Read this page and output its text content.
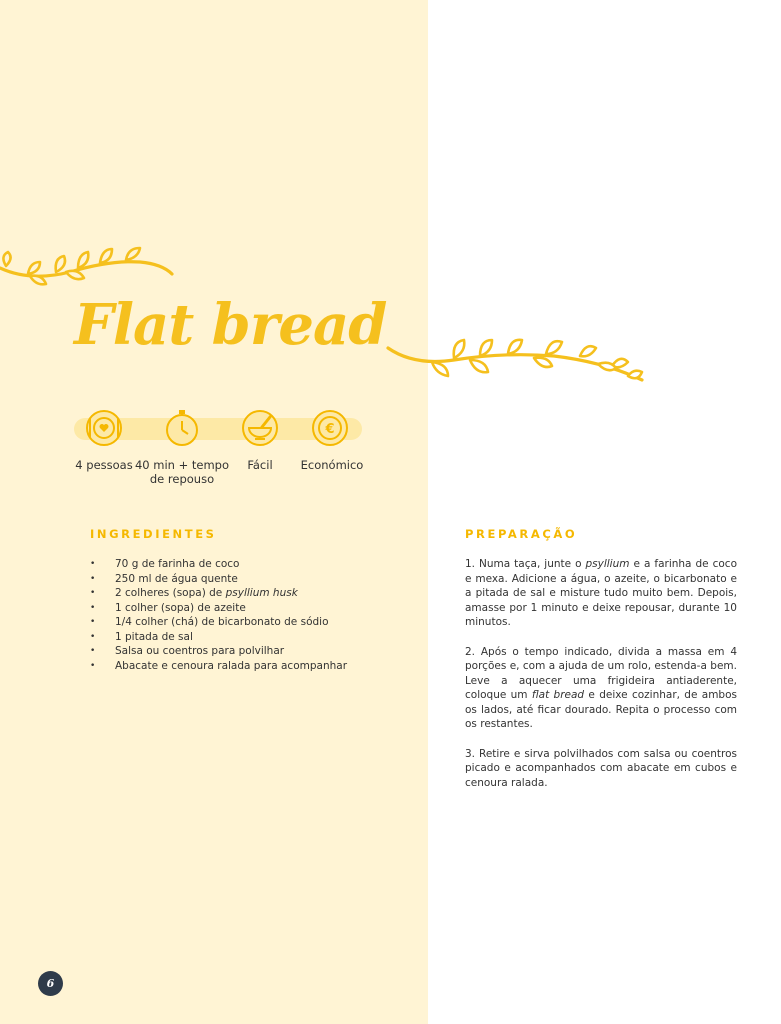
Flat bread
€
4 pessoas 40 min + tempo de repouso
Fácil	Económico
INGREDIENTES
• 70 g de farinha de coco
• 250 ml de água quente
• 2 colheres (sopa) de psyllium husk
• 1 colher (sopa) de azeite
• 1/4 colher (chá) de bicarbonato de sódio
• 1 pitada de sal
• Salsa ou coentros para polvilhar
• Abacate e cenoura ralada para acompanhar
PREPARAÇÃO

1. Numa taça, junte o psyllium e a farinha de coco e mexa. Adicione a água, o azeite, o bicarbonato e a pitada de sal e misture tudo muito bem. Depois, amasse por 1 minuto e deixe repousar, durante 10 minutos.

2. Após o tempo indicado, divida a massa em 4 porções e, com a ajuda de um rolo, estenda-a bem. Leve a aquecer uma frigideira antiaderente, coloque um flat bread e deixe cozinhar, de ambos os lados, até ficar dourado. Repita o processo com os restantes.

3. Retire e sirva polvilhados com salsa ou coentros picado e acompanhados com abacate em cubos e cenoura ralada.

6
